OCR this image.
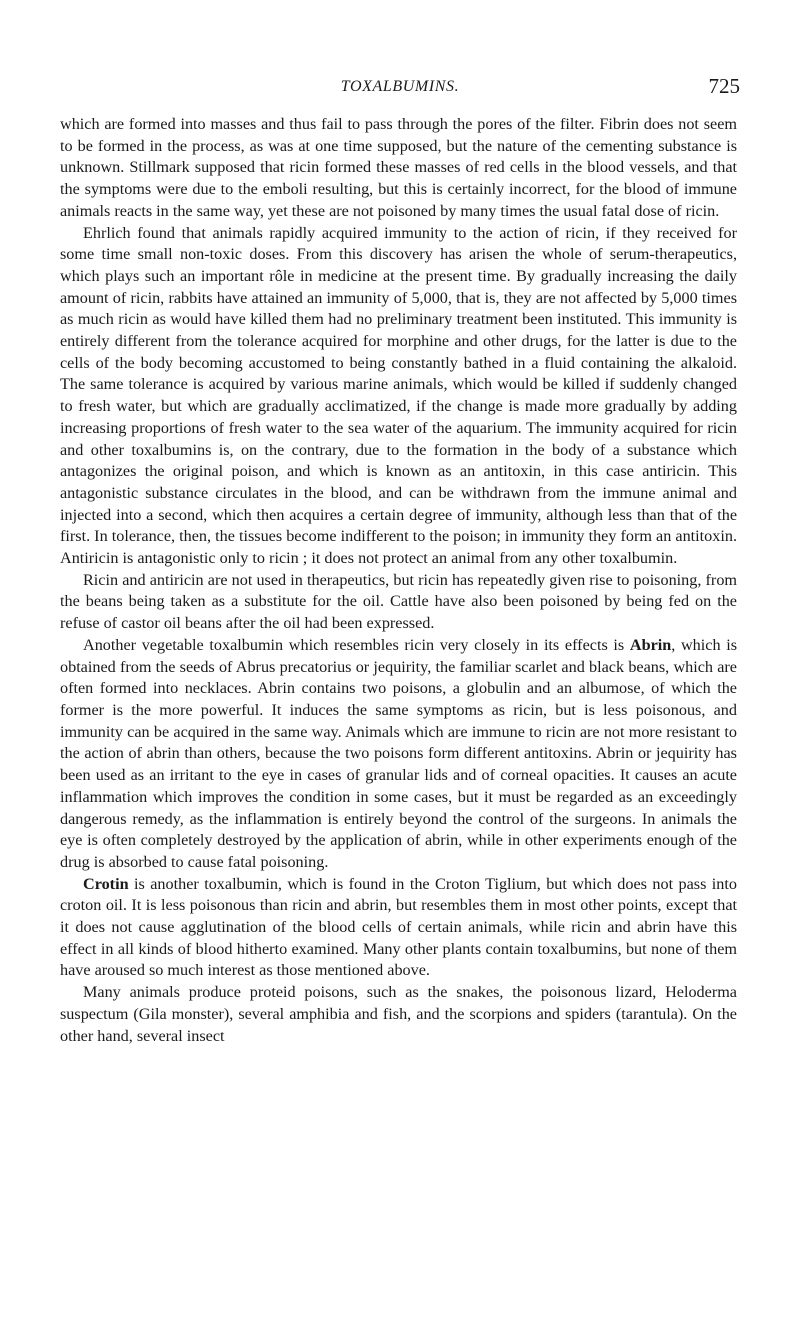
TOXALBUMINS.	725

which are formed into masses and thus fail to pass through the pores of the filter. Fibrin does not seem to be formed in the process, as was at one time supposed, but the nature of the cementing substance is unknown. Stillmark supposed that ricin formed these masses of red cells in the blood vessels, and that the symptoms were due to the emboli resulting, but this is certainly incorrect, for the blood of immune animals reacts in the same way, yet these are not poisoned by many times the usual fatal dose of ricin.

Ehrlich found that animals rapidly acquired immunity to the action of ricin, if they received for some time small non-toxic doses. From this discovery has arisen the whole of serum-therapeutics, which plays such an important rôle in medicine at the present time. By gradually increasing the daily amount of ricin, rabbits have attained an immunity of 5,000, that is, they are not affected by 5,000 times as much ricin as would have killed them had no preliminary treatment been instituted. This immunity is entirely different from the tolerance acquired for morphine and other drugs, for the latter is due to the cells of the body becoming accustomed to being constantly bathed in a fluid containing the alkaloid. The same tolerance is acquired by various marine animals, which would be killed if suddenly changed to fresh water, but which are gradually acclimatized, if the change is made more gradually by adding increasing proportions of fresh water to the sea water of the aquarium. The immunity acquired for ricin and other toxalbumins is, on the contrary, due to the formation in the body of a substance which antagonizes the original poison, and which is known as an antitoxin, in this case antiricin. This antagonistic substance circulates in the blood, and can be withdrawn from the immune animal and injected into a second, which then acquires a certain degree of immunity, although less than that of the first. In tolerance, then, the tissues become indifferent to the poison; in immunity they form an antitoxin. Antiricin is antagonistic only to ricin ; it does not protect an animal from any other toxalbumin.

Ricin and antiricin are not used in therapeutics, but ricin has repeatedly given rise to poisoning, from the beans being taken as a substitute for the oil. Cattle have also been poisoned by being fed on the refuse of castor oil beans after the oil had been expressed.

Another vegetable toxalbumin which resembles ricin very closely in its effects is Abrin, which is obtained from the seeds of Abrus precatorius or jequirity, the familiar scarlet and black beans, which are often formed into necklaces. Abrin contains two poisons, a globulin and an albumose, of which the former is the more powerful. It induces the same symptoms as ricin, but is less poisonous, and immunity can be acquired in the same way. Animals which are immune to ricin are not more resistant to the action of abrin than others, because the two poisons form different antitoxins. Abrin or jequirity has been used as an irritant to the eye in cases of granular lids and of corneal opacities. It causes an acute inflammation which improves the condition in some cases, but it must be regarded as an exceedingly dangerous remedy, as the inflammation is entirely beyond the control of the surgeons. In animals the eye is often completely destroyed by the application of abrin, while in other experiments enough of the drug is absorbed to cause fatal poisoning.

Crotin is another toxalbumin, which is found in the Croton Tiglium, but which does not pass into croton oil. It is less poisonous than ricin and abrin, but resembles them in most other points, except that it does not cause agglutination of the blood cells of certain animals, while ricin and abrin have this effect in all kinds of blood hitherto examined. Many other plants contain toxalbumins, but none of them have aroused so much interest as those mentioned above.

Many animals produce proteid poisons, such as the snakes, the poisonous lizard, Heloderma suspectum (Gila monster), several amphibia and fish, and the scorpions and spiders (tarantula). On the other hand, several insect
